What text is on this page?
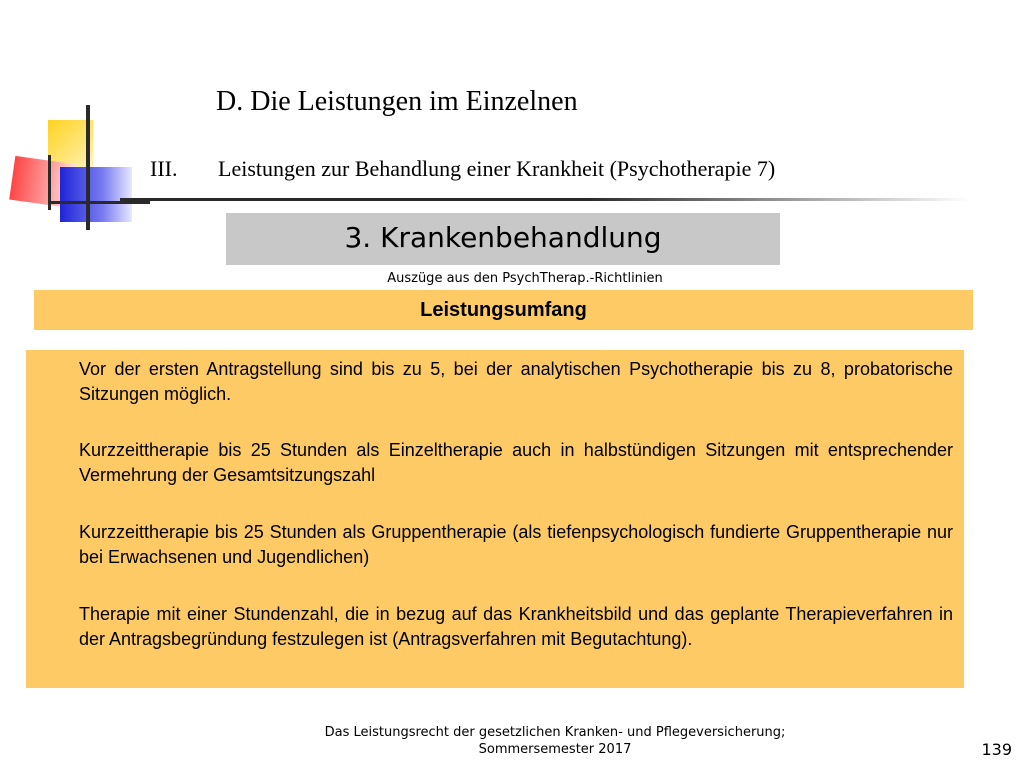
D. Die Leistungen im Einzelnen
III. Leistungen zur Behandlung einer Krankheit (Psychotherapie 7)
3. Krankenbehandlung
Auszüge aus den PsychTherap.-Richtlinien
Leistungsumfang
Vor der ersten Antragstellung sind bis zu 5, bei der analytischen Psychotherapie bis zu 8, probatorische Sitzungen möglich.
Kurzzeittherapie bis 25 Stunden als Einzeltherapie auch in halbstündigen Sitzungen mit entsprechender Vermehrung der Gesamtsitzungszahl
Kurzzeittherapie bis 25 Stunden als Gruppentherapie (als tiefenpsychologisch fundierte Gruppentherapie nur bei Erwachsenen und Jugendlichen)
Therapie mit einer Stundenzahl, die in bezug auf das Krankheitsbild und das geplante Therapieverfahren in der Antragsbegründung festzulegen ist (Antragsverfahren mit Begutachtung).
Das Leistungsrecht der gesetzlichen Kranken- und Pflegeversicherung;
Sommersemester 2017	139
